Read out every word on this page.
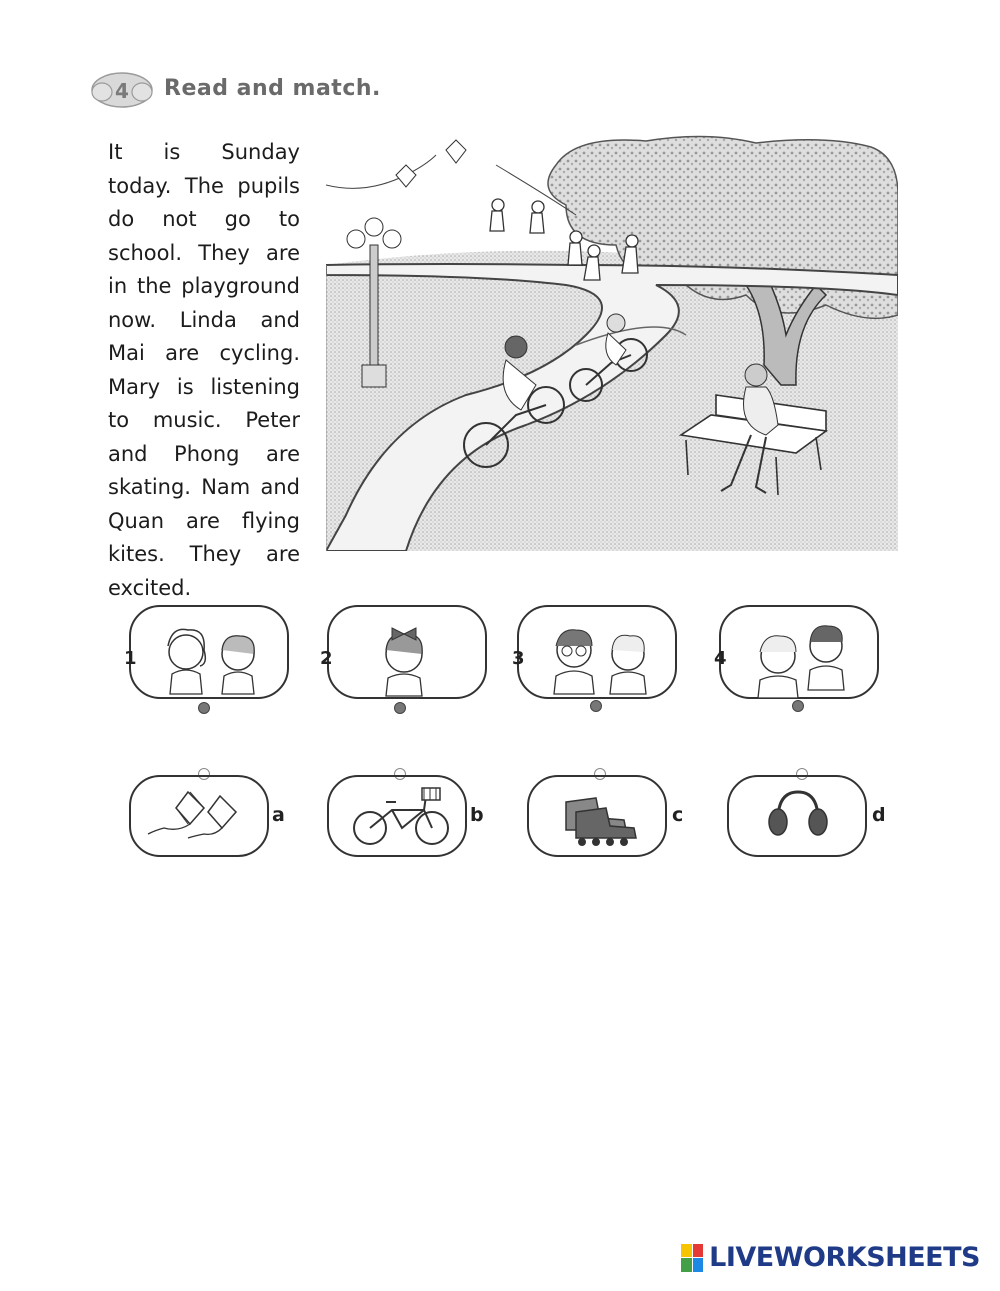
4 Read and match.

It is Sunday today. The pupils do not go to school. They are in the playground now. Linda and Mai are cycling. Mary is listening to music. Peter and Phong are skating. Nam and Quan are flying kites. They are excited.

1	2	3	4
a	b	c	d
LIVEWORKSHEETS
